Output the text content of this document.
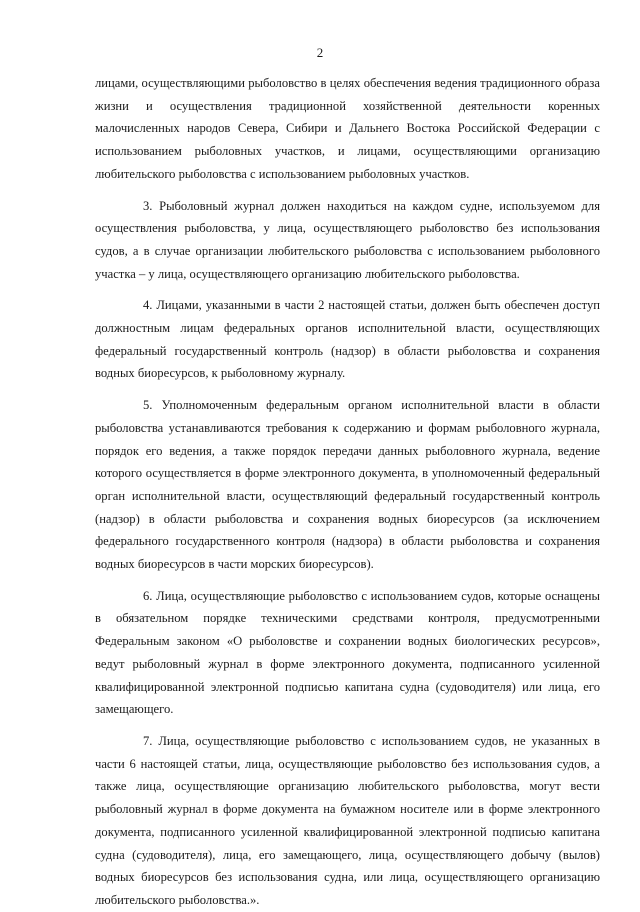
2

лицами, осуществляющими рыболовство в целях обеспечения ведения традиционного образа жизни и осуществления традиционной хозяйственной деятельности коренных малочисленных народов Севера, Сибири и Дальнего Востока Российской Федерации с использованием рыболовных участков, и лицами, осуществляющими организацию любительского рыболовства с использованием рыболовных участков.

3. Рыболовный журнал должен находиться на каждом судне, используемом для осуществления рыболовства, у лица, осуществляющего рыболовство без использования судов, а в случае организации любительского рыболовства с использованием рыболовного участка – у лица, осуществляющего организацию любительского рыболовства.

4. Лицами, указанными в части 2 настоящей статьи, должен быть обеспечен доступ должностным лицам федеральных органов исполнительной власти, осуществляющих федеральный государственный контроль (надзор) в области рыболовства и сохранения водных биоресурсов, к рыболовному журналу.

5. Уполномоченным федеральным органом исполнительной власти в области рыболовства устанавливаются требования к содержанию и формам рыболовного журнала, порядок его ведения, а также порядок передачи данных рыболовного журнала, ведение которого осуществляется в форме электронного документа, в уполномоченный федеральный орган исполнительной власти, осуществляющий федеральный государственный контроль (надзор) в области рыболовства и сохранения водных биоресурсов (за исключением федерального государственного контроля (надзора) в области рыболовства и сохранения водных биоресурсов в части морских биоресурсов).

6. Лица, осуществляющие рыболовство с использованием судов, которые оснащены в обязательном порядке техническими средствами контроля, предусмотренными Федеральным законом «О рыболовстве и сохранении водных биологических ресурсов», ведут рыболовный журнал в форме электронного документа, подписанного усиленной квалифицированной электронной подписью капитана судна (судоводителя) или лица, его замещающего.

7. Лица, осуществляющие рыболовство с использованием судов, не указанных в части 6 настоящей статьи, лица, осуществляющие рыболовство без использования судов, а также лица, осуществляющие организацию любительского рыболовства, могут вести рыболовный журнал в форме документа на бумажном носителе или в форме электронного документа, подписанного усиленной квалифицированной электронной подписью капитана судна (судоводителя), лица, его замещающего, лица, осуществляющего добычу (вылов) водных биоресурсов без использования судна, или лица, осуществляющего организацию любительского рыболовства.».
